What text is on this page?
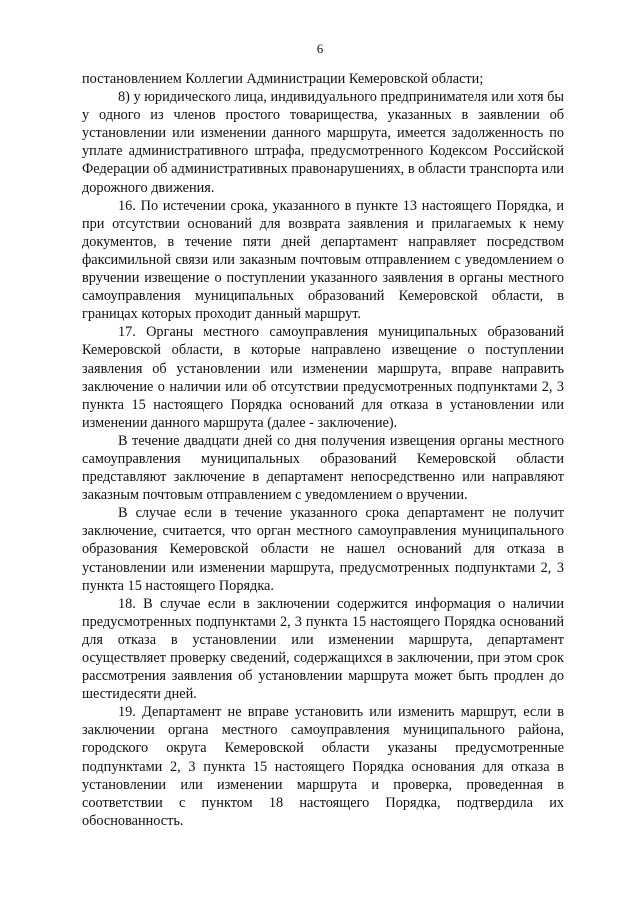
6

постановлением Коллегии Администрации Кемеровской области;

8) у юридического лица, индивидуального предпринимателя или хотя бы у одного из членов простого товарищества, указанных в заявлении об установлении или изменении данного маршрута, имеется задолженность по уплате административного штрафа, предусмотренного Кодексом Российской Федерации об административных правонарушениях, в области транспорта или дорожного движения.

16. По истечении срока, указанного в пункте 13 настоящего Порядка, и при отсутствии оснований для возврата заявления и прилагаемых к нему документов, в течение пяти дней департамент направляет посредством факсимильной связи или заказным почтовым отправлением с уведомлением о вручении извещение о поступлении указанного заявления в органы местного самоуправления муниципальных образований Кемеровской области, в границах которых проходит данный маршрут.

17. Органы местного самоуправления муниципальных образований Кемеровской области, в которые направлено извещение о поступлении заявления об установлении или изменении маршрута, вправе направить заключение о наличии или об отсутствии предусмотренных подпунктами 2, 3 пункта 15 настоящего Порядка оснований для отказа в установлении или изменении данного маршрута (далее - заключение).

В течение двадцати дней со дня получения извещения органы местного самоуправления муниципальных образований Кемеровской области представляют заключение в департамент непосредственно или направляют заказным почтовым отправлением с уведомлением о вручении.

В случае если в течение указанного срока департамент не получит заключение, считается, что орган местного самоуправления муниципального образования Кемеровской области не нашел оснований для отказа в установлении или изменении маршрута, предусмотренных подпунктами 2, 3 пункта 15 настоящего Порядка.

18. В случае если в заключении содержится информация о наличии предусмотренных подпунктами 2, 3 пункта 15 настоящего Порядка оснований для отказа в установлении или изменении маршрута, департамент осуществляет проверку сведений, содержащихся в заключении, при этом срок рассмотрения заявления об установлении маршрута может быть продлен до шестидесяти дней.

19. Департамент не вправе установить или изменить маршрут, если в заключении органа местного самоуправления муниципального района, городского округа Кемеровской области указаны предусмотренные подпунктами 2, 3 пункта 15 настоящего Порядка основания для отказа в установлении или изменении маршрута и проверка, проведенная в соответствии с пунктом 18 настоящего Порядка, подтвердила их обоснованность.
